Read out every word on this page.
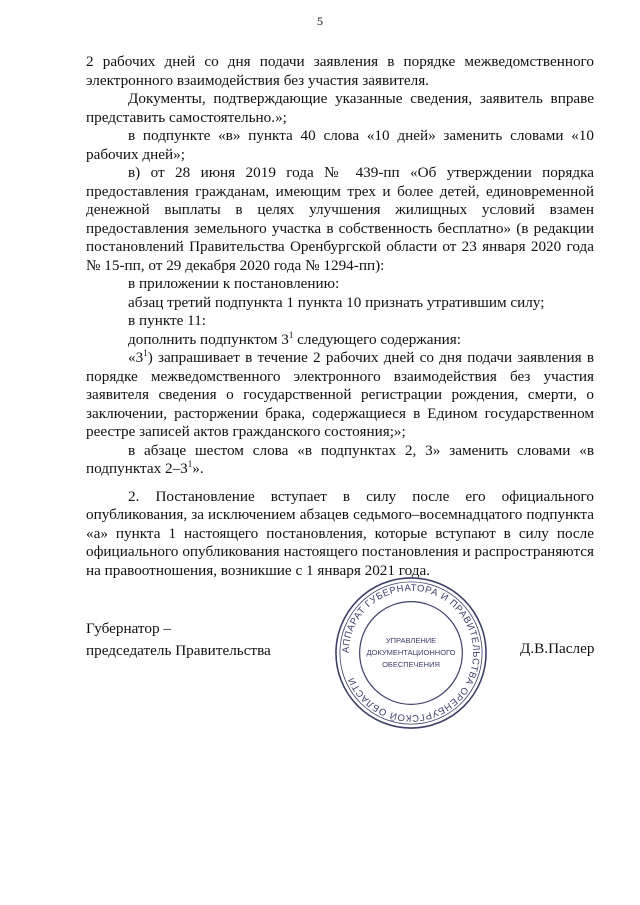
5

2 рабочих дней со дня подачи заявления в порядке межведомственного электронного взаимодействия без участия заявителя.

Документы, подтверждающие указанные сведения, заявитель вправе представить самостоятельно.»;

в подпункте «в» пункта 40 слова «10 дней» заменить словами «10 рабочих дней»;

в) от 28 июня 2019 года № 439-пп «Об утверждении порядка предоставления гражданам, имеющим трех и более детей, единовременной денежной выплаты в целях улучшения жилищных условий взамен предоставления земельного участка в собственность бесплатно» (в редакции постановлений Правительства Оренбургской области от 23 января 2020 года № 15-пп, от 29 декабря 2020 года № 1294-пп):

в приложении к постановлению:

абзац третий подпункта 1 пункта 10 признать утратившим силу;

в пункте 11:

дополнить подпунктом $3^1$ следующего содержания:

«$3^1$) запрашивает в течение 2 рабочих дней со дня подачи заявления в порядке межведомственного электронного взаимодействия без участия заявителя сведения о государственной регистрации рождения, смерти, о заключении, расторжении брака, содержащиеся в Едином государственном реестре записей актов гражданского состояния;»;

в абзаце шестом слова «в подпунктах 2, 3» заменить словами «в подпунктах $2-3^1$».

2. Постановление вступает в силу после его официального опубликования, за исключением абзацев седьмого–восемнадцатого подпункта «а» пункта 1 настоящего постановления, которые вступают в силу после официального опубликования настоящего постановления и распространяются на правоотношения, возникшие с 1 января 2021 года.

Губернатор –
председатель Правительства	АППАРАТ ГУБЕРНАТОРА И ПРАВИТЕЛЬСТВА ОРЕНБУРГСКОЙ ОБЛАСТИ
УПРАВЛЕНИЕ
ДОКУМЕНТАЦИОННОГО
ОБЕСПЕЧЕНИЯ
Д.В.Паслер
